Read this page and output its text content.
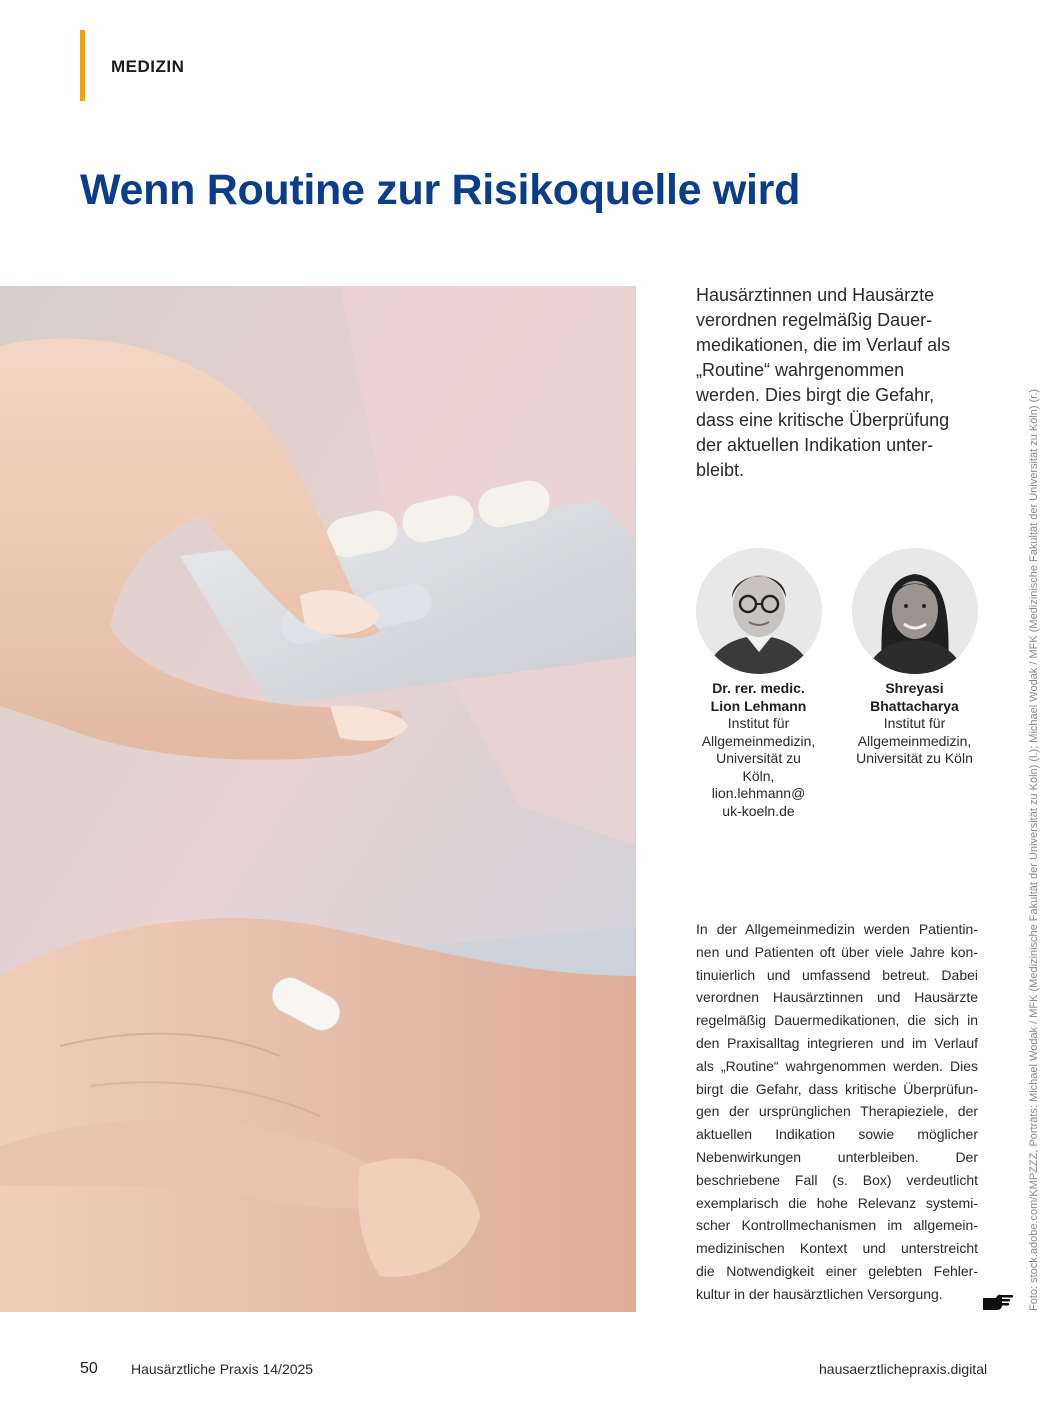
MEDIZIN
Wenn Routine zur Risikoquelle wird

Hausärztinnen und Hausärzte

verordnen regelmäßig Dauer-

medikationen, die im Verlauf als

„Routine“ wahrgenommen

werden. Dies birgt die Gefahr,

dass eine kritische Überprüfung

der aktuellen Indikation unter-

bleibt.

Dr. rer. medic.
Lion Lehmann
Institut für
Allgemeinmedizin,
Universität zu
Köln,
lion.lehmann@
uk-koeln.de
Shreyasi
Bhattacharya
Institut für
Allgemeinmedizin,
Universität zu Köln
In der Allgemeinmedizin werden Patientin-
nen und Patienten oft über viele Jahre kon-
tinuierlich und umfassend betreut. Dabei
verordnen Hausärztinnen und Hausärzte
regelmäßig Dauermedikationen, die sich in
den Praxisalltag integrieren und im Verlauf
als „Routine“ wahrgenommen werden. Dies
birgt die Gefahr, dass kritische Überprüfun-
gen der ursprünglichen Therapieziele, der
aktuellen Indikation sowie möglicher
Nebenwirkungen unterbleiben. Der
beschriebene Fall (s. Box) verdeutlicht
exemplarisch die hohe Relevanz systemi-
scher Kontrollmechanismen im allgemein-
medizinischen Kontext und unterstreicht
die Notwendigkeit einer gelebten Fehler-
kultur in der hausärztlichen Versorgung.	Foto: stock.adobe.com/KMPZZZ, Porträts: Michael Wodak / MFK (Medizinische Fakultät der Universität zu Köln) (l.); Michael Wodak / MFK (Medizinische Fakultät der Universität zu Köln) (r.)
50 Hausärztliche Praxis 14/2025	hausaerztlichepraxis.digital
